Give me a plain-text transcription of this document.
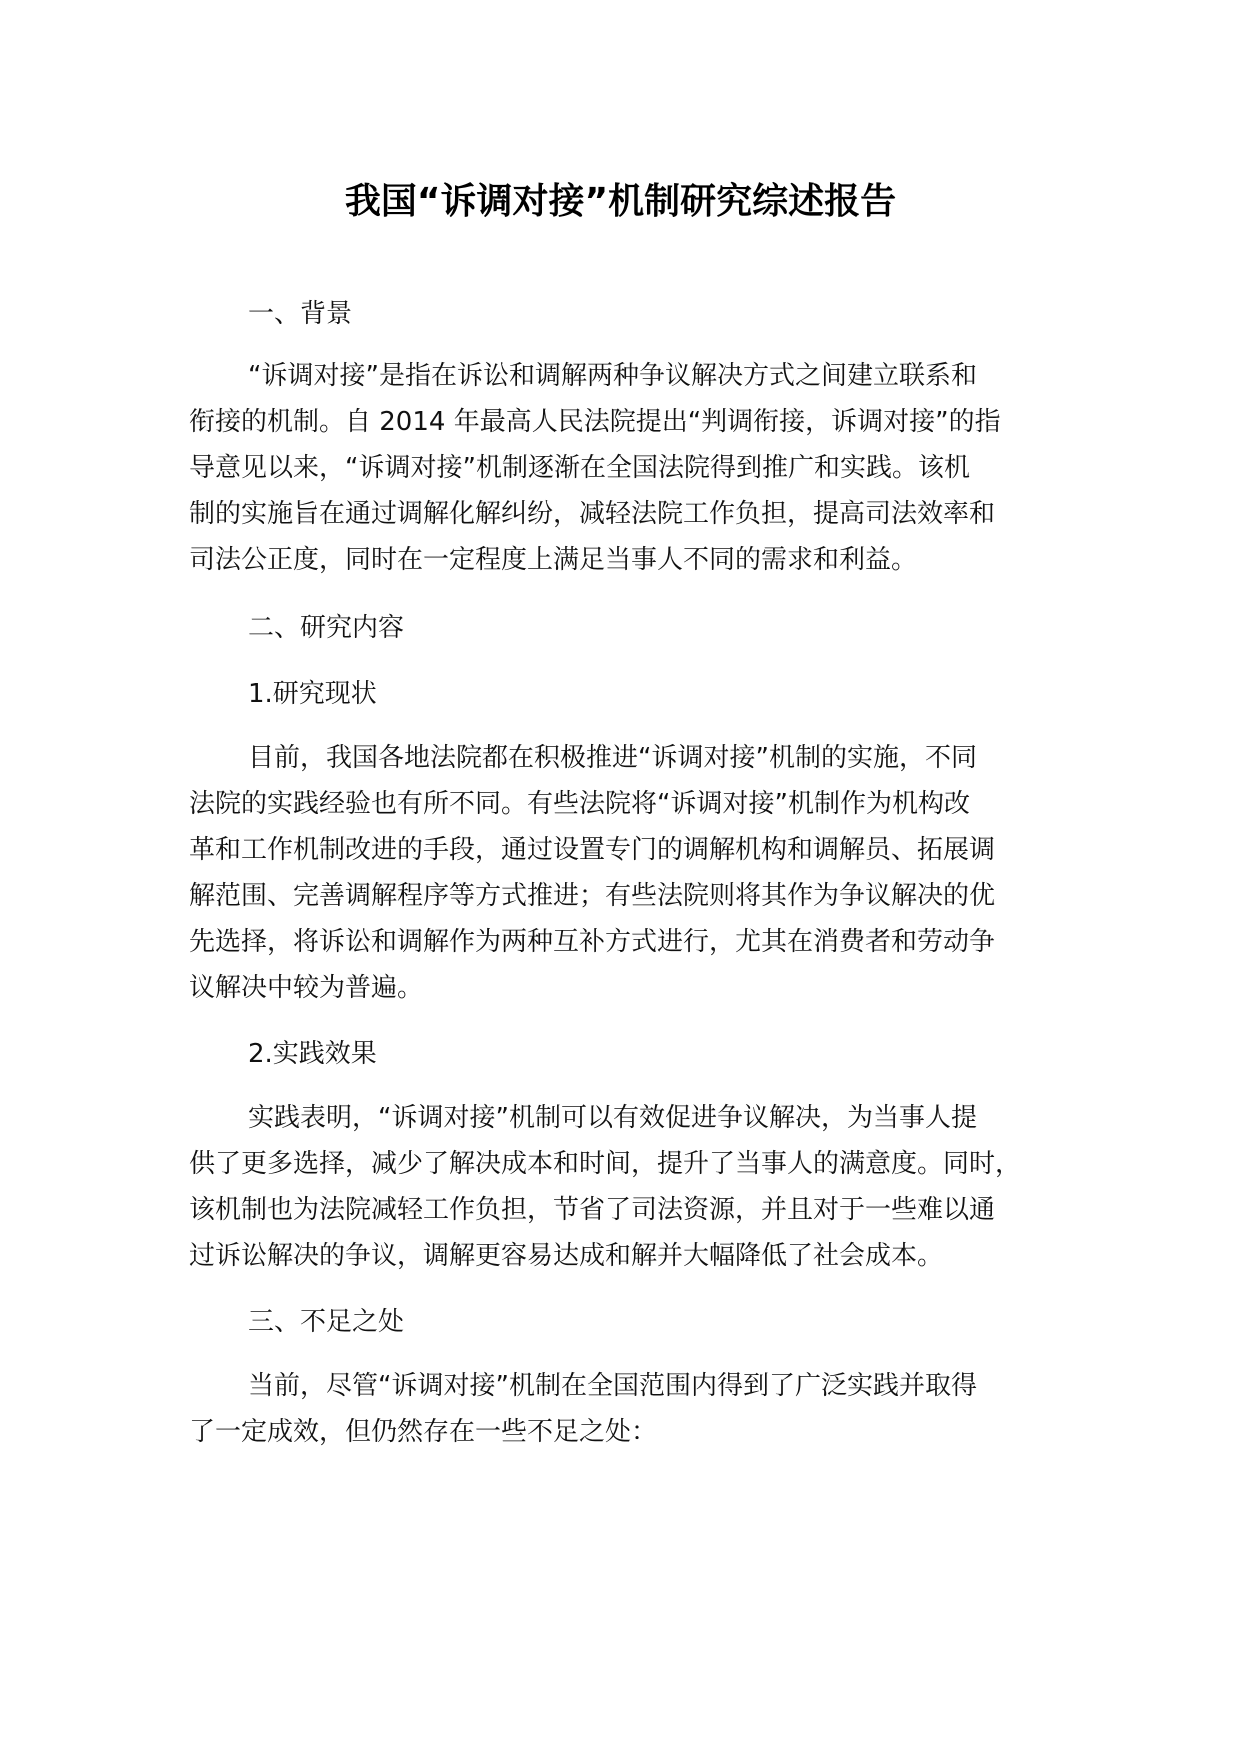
我国“诉调对接”机制研究综述报告

一、背景

“诉调对接”是指在诉讼和调解两种争议解决方式之间建立联系和

衔接的机制。自 2014 年最高人民法院提出“判调衔接，诉调对接”的指

导意见以来，“诉调对接”机制逐渐在全国法院得到推广和实践。该机

制的实施旨在通过调解化解纠纷，减轻法院工作负担，提高司法效率和

司法公正度，同时在一定程度上满足当事人不同的需求和利益。

二、研究内容

1.研究现状

目前，我国各地法院都在积极推进“诉调对接”机制的实施，不同

法院的实践经验也有所不同。有些法院将“诉调对接”机制作为机构改

革和工作机制改进的手段，通过设置专门的调解机构和调解员、拓展调

解范围、完善调解程序等方式推进；有些法院则将其作为争议解决的优

先选择，将诉讼和调解作为两种互补方式进行，尤其在消费者和劳动争

议解决中较为普遍。

2.实践效果

实践表明，“诉调对接”机制可以有效促进争议解决，为当事人提

供了更多选择，减少了解决成本和时间，提升了当事人的满意度。同时，

该机制也为法院减轻工作负担，节省了司法资源，并且对于一些难以通

过诉讼解决的争议，调解更容易达成和解并大幅降低了社会成本。

三、不足之处

当前，尽管“诉调对接”机制在全国范围内得到了广泛实践并取得

了一定成效，但仍然存在一些不足之处：
